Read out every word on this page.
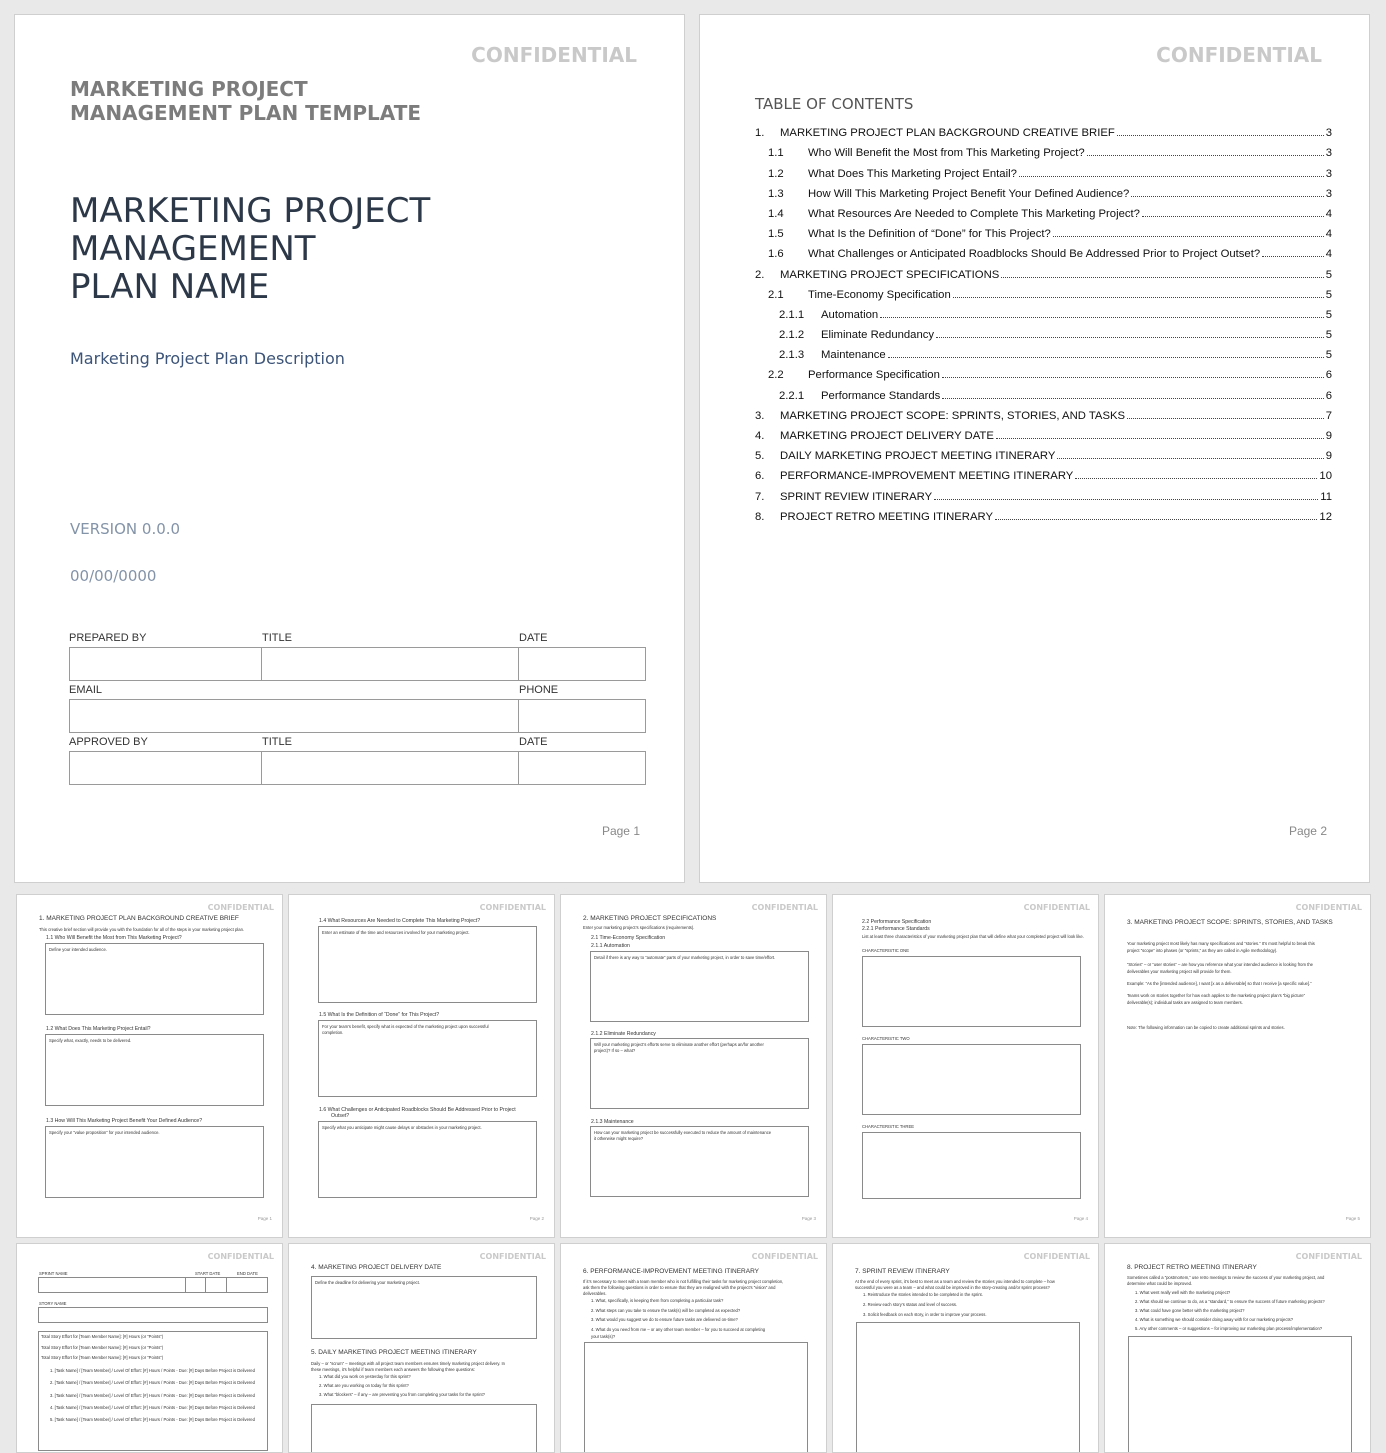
CONFIDENTIAL
MARKETING PROJECT
MANAGEMENT PLAN TEMPLATE
MARKETING PROJECT
MANAGEMENT
PLAN NAME
Marketing Project Plan Description
VERSION 0.0.0
00/00/0000
PREPARED BY	TITLE	DATE
EMAIL	PHONE
APPROVED BY	TITLE	DATE
Page 1
CONFIDENTIAL
TABLE OF CONTENTS
1.	MARKETING PROJECT PLAN BACKGROUND CREATIVE BRIEF	3
1.1	Who Will Benefit the Most from This Marketing Project?	3
1.2	What Does This Marketing Project Entail?	3
1.3	How Will This Marketing Project Benefit Your Defined Audience?	3
1.4	What Resources Are Needed to Complete This Marketing Project?	4
1.5	What Is the Definition of “Done” for This Project?	4
1.6	What Challenges or Anticipated Roadblocks Should Be Addressed Prior to Project Outset?	4
2.	MARKETING PROJECT SPECIFICATIONS	5
2.1	Time-Economy Specification	5
2.1.1	Automation	5
2.1.2	Eliminate Redundancy	5
2.1.3	Maintenance	5
2.2	Performance Specification	6
2.2.1	Performance Standards	6
3.	MARKETING PROJECT SCOPE: SPRINTS, STORIES, AND TASKS	7
4.	MARKETING PROJECT DELIVERY DATE	9
5.	DAILY MARKETING PROJECT MEETING ITINERARY	9
6.	PERFORMANCE-IMPROVEMENT MEETING ITINERARY	10
7.	SPRINT REVIEW ITINERARY	11
8.	PROJECT RETRO MEETING ITINERARY	12
Page 2
CONFIDENTIAL
1. MARKETING PROJECT PLAN BACKGROUND CREATIVE BRIEF
This creative brief section will provide you with the foundation for all of the steps in your marketing project plan.
1.1 Who Will Benefit the Most from This Marketing Project?
Define your intended audience.
1.2 What Does This Marketing Project Entail?
Specify what, exactly, needs to be delivered.
1.3 How Will This Marketing Project Benefit Your Defined Audience?
Specify your “value proposition” for your intended audience.
Page 1
CONFIDENTIAL
1.4 What Resources Are Needed to Complete This Marketing Project?
Enter an estimate of the time and resources involved for your marketing project.
1.5 What Is the Definition of “Done” for This Project?
For your team’s benefit, specify what is expected of the marketing project upon successful
completion.
1.6 What Challenges or Anticipated Roadblocks Should Be Addressed Prior to Project
Outset?
Specify what you anticipate might cause delays or obstacles in your marketing project.
Page 2
CONFIDENTIAL
2. MARKETING PROJECT SPECIFICATIONS
Enter your marketing project’s specifications (requirements).
2.1 Time-Economy Specification
2.1.1 Automation
Detail if there is any way to “automate” parts of your marketing project, in order to save time/effort.
2.1.2 Eliminate Redundancy
Will your marketing project’s efforts serve to eliminate another effort (perhaps an/for another
project)? If so – what?
2.1.3 Maintenance
How can your marketing project be successfully executed to reduce the amount of maintenance
it otherwise might require?
Page 3
CONFIDENTIAL
2.2 Performance Specification
2.2.1 Performance Standards
List at least three characteristics of your marketing project plan that will define what your completed project will look like.
CHARACTERISTIC ONE
CHARACTERISTIC TWO
CHARACTERISTIC THREE
Page 4
CONFIDENTIAL
3. MARKETING PROJECT SCOPE: SPRINTS, STORIES, AND TASKS
Your marketing project most likely has many specifications and “stories.” It’s most helpful to break this
project “scope” into phases (or “sprints,” as they are called in Agile methodology).
“Stories” – or “user stories” – are how you reference what your intended audience is looking from the
deliverables your marketing project will provide for them.
Example: “As the [intended audience], I want [x as a deliverable] so that I receive [a specific value].”
Teams work on stories together for how each applies to the marketing project plan’s “big picture”
deliverable(s); individual tasks are assigned to team members.
Note: The following information can be copied to create additional sprints and stories.
Page 5
CONFIDENTIAL
SPRINT NAME	START DATE	END DATE
STORY NAME
Total Story Effort for [Team Member Name]: [#] Hours (or “Points”)
Total Story Effort for [Team Member Name]: [#] Hours (or “Points”)
Total Story Effort for [Team Member Name]: [#] Hours (or “Points”)
1. [Task Name] / [Team Member] / Level Of Effort: [#] Hours / Points - Due: [#] Days Before Project is Delivered
2. [Task Name] / [Team Member] / Level Of Effort: [#] Hours / Points - Due: [#] Days Before Project is Delivered
3. [Task Name] / [Team Member] / Level Of Effort: [#] Hours / Points - Due: [#] Days Before Project is Delivered
4. [Task Name] / [Team Member] / Level Of Effort: [#] Hours / Points - Due: [#] Days Before Project is Delivered
5. [Task Name] / [Team Member] / Level Of Effort: [#] Hours / Points - Due: [#] Days Before Project is Delivered
CONFIDENTIAL
4. MARKETING PROJECT DELIVERY DATE
Define the deadline for delivering your marketing project.
5. DAILY MARKETING PROJECT MEETING ITINERARY
Daily – or “scrum” – meetings with all project team members ensures timely marketing project delivery. In
these meetings, it’s helpful if team members each answers the following three questions:
1. What did you work on yesterday for this sprint?
2. What are you working on today for this sprint?
3. What “blockers” – if any – are preventing you from completing your tasks for the sprint?
CONFIDENTIAL
6. PERFORMANCE-IMPROVEMENT MEETING ITINERARY
If it’s necessary to meet with a team member who is not fulfilling their tasks for marketing project completion,
ask them the following questions in order to ensure that they are realigned with the project’s “vision” and
deliverables.
1. What, specifically, is keeping them from completing a particular task?
2. What steps can you take to ensure the task(s) will be completed as expected?
3. What would you suggest we do to ensure future tasks are delivered on-time?
4. What do you need from me – or any other team member – for you to succeed at completing
your task(s)?
CONFIDENTIAL
7. SPRINT REVIEW ITINERARY
At the end of every sprint, it’s best to meet as a team and review the stories you intended to complete – how
successful you were as a team – and what could be improved in the story-creating and/or sprint process?
1. Reintroduce the stories intended to be completed in the sprint.
2. Review each story’s status and level of success.
3. Solicit feedback on each story, in order to improve your process.
CONFIDENTIAL
8. PROJECT RETRO MEETING ITINERARY
Sometimes called a “postmortem,” use retro meetings to review the success of your marketing project, and
determine what could be improved.
1. What went really well with the marketing project?
2. What should we continue to do, as a “standard,” to ensure the success of future marketing projects?
3. What could have gone better with the marketing project?
4. What is something we should consider doing away with for our marketing projects?
5. Any other comments – or suggestions – for improving our marketing plan process/implementation?
